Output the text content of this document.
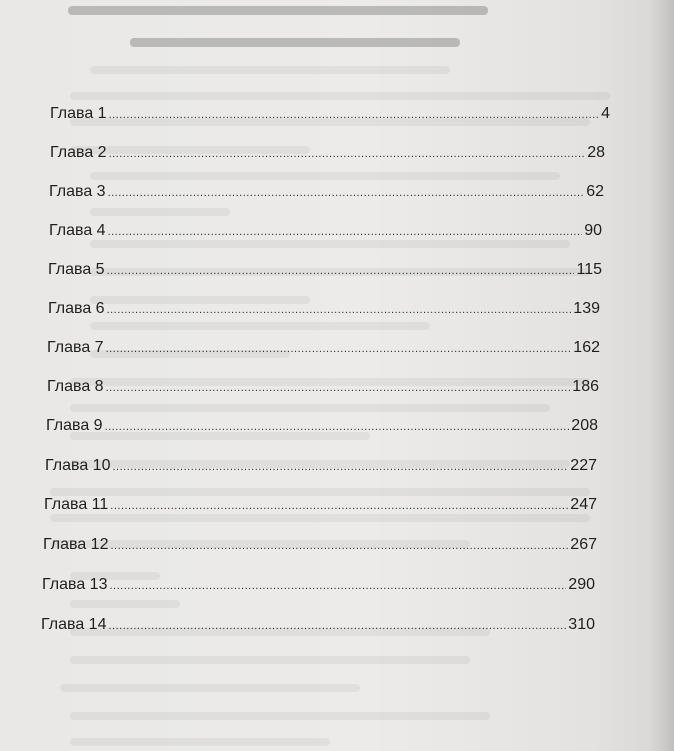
Глава 1 .....	4
Глава 2 .....	28
Глава 3 .....	62
Глава 4 .....	90
Глава 5 .....	115
Глава 6 .....	139
Глава 7 .....	162
Глава 8 .....	186
Глава 9 .....	208
Глава 10 .....	227
Глава 11 .....	247
Глава 12 .....	267
Глава 13 .....	290
Глава 14 .....	310
